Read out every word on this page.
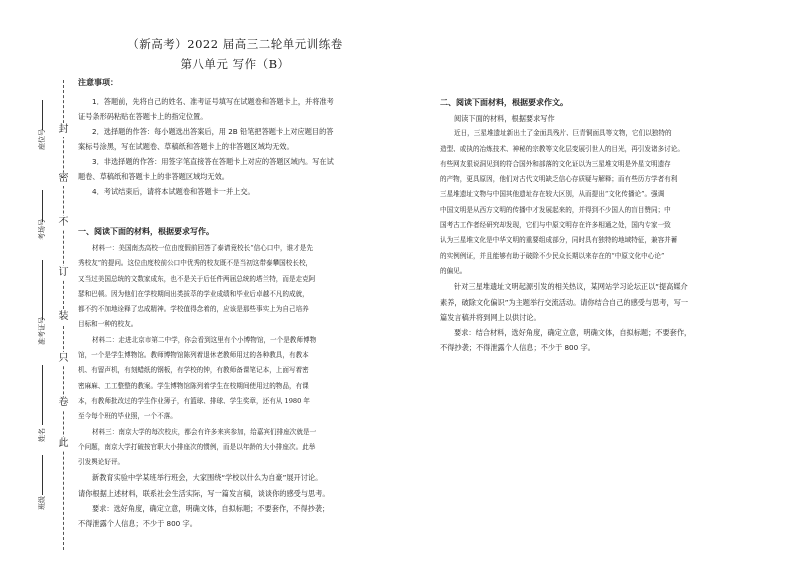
封
密
不
订
装
只
卷
此
座位号
考场号
准考证号
姓名
班级
（新高考）2022 届高三二轮单元训练卷
第八单元 写作（B）
注意事项：
1．答题前，先将自己的姓名、准考证号填写在试题卷和答题卡上，并将准考
证号条形码粘贴在答题卡上的指定位置。
2．选择题的作答：每小题选出答案后，用 2B 铅笔把答题卡上对应题目的答
案标号涂黑，写在试题卷、草稿纸和答题卡上的非答题区域均无效。
3．非选择题的作答：用签字笔直接答在答题卡上对应的答题区域内。写在试
题卷、草稿纸和答题卡上的非答题区域均无效。
4．考试结束后，请将本试题卷和答题卡一并上交。
一、阅读下面的材料，根据要求写作。
材料一：美国南杰高校一位由度假前回答了泰请竟校长“信心口中，谁才是先
秀校友”的提问。这位由度校前公口中优秀的校友既不是当初这带泰攀国校长校，
又当过美国总统的文数家成东，也不是关于后任件两届总统的塔兰特，而是走克阿
瑟和巴顿。因为他们在学校期间出类拔萃的学业成绩和毕业后卓越不凡的成就，
都不约不加地诠释了忠成精神。学校值得念着的，应该是那些事实上为自己培养
目标和一种的校友。
材料二：走进北京市第二中学，你会看到这里有个小博物馆，一个是教师博物
馆，一个是学生博物馆。教师博物馆陈列着退休老教师用过的各种教具，有教本
机、有留声机，有刻蜡纸的钢板，有学校的钟，有教师备课笔记本，上面写着密
密麻麻、工工整整的教案。学生博物馆陈列着学生在校期间使用过的物品，有课
本，有教师批改过的学生作业簿子，有篮球、排球、学生奖章，还有从 1980 年
至今每个班的毕业照，一个不落。
材料三：南京大学的每次校庆，都会有许多来宾参加，给嘉宾们排座次就是一
个问题，南京大学打破按官职大小排座次的惯例，而是以年龄的大小排座次。此举
引发舆论好评。
新教育实验中学某班举行班会，大家围绕“学校以什么为自豪”展开讨论。
请你根据上述材料，联系社会生活实际，写一篇发言稿，谈谈你的感受与思考。
要求：选好角度，确定立意，明确文体，自拟标题；不要套作，不得抄袭；
不得泄露个人信息；不少于 800 字。
二、阅读下面材料，根据要求作文。
阅读下面的材料，根据要求写作
近日，三星堆遗址新出土了金面具残片、巨青铜面具等文物，它们以独特的
造型、或执的冶炼技术、神秘的宗教等文化层变展引世人的目光，再引发诸多讨论。
有些网友狠说洞见到的符合国外和部落的文化证以为三星堆文明是外星文明遗存
的产物，更具原因，他们对古代文明缺乏信心存质疑与解释；而有些历方学者有利
三星堆遗址文物与中国其他遗址存在较大区别，从而提出“文化传播论”。强调
中国文明是从西方文明的传播中才发展起来的，并得到不少国人的盲目赞同；中
国考古工作者经研究却发现，它们与中原文明存在许多相通之处，国内专家一致
认为三星堆文化是中华文明的重要组成部分，同时具有独特的地域特征，兼容并蓄
的实例例证，并且能够有助于破除不少民众长期以来存在的“中原文化中心论”
的偏见。
针对三星堆遗址文明起源引发的相关热议，某网站学习论坛正以“提高媒介
素养，破除文化偏识”为主题举行交流活动。请你结合自己的感受与思考，写一
篇发言稿并将到网上以供讨论。
要求：结合材料，选好角度，确定立意，明确文体，自拟标题；不要套作，
不得抄袭；不得泄露个人信息；不少于 800 字。
